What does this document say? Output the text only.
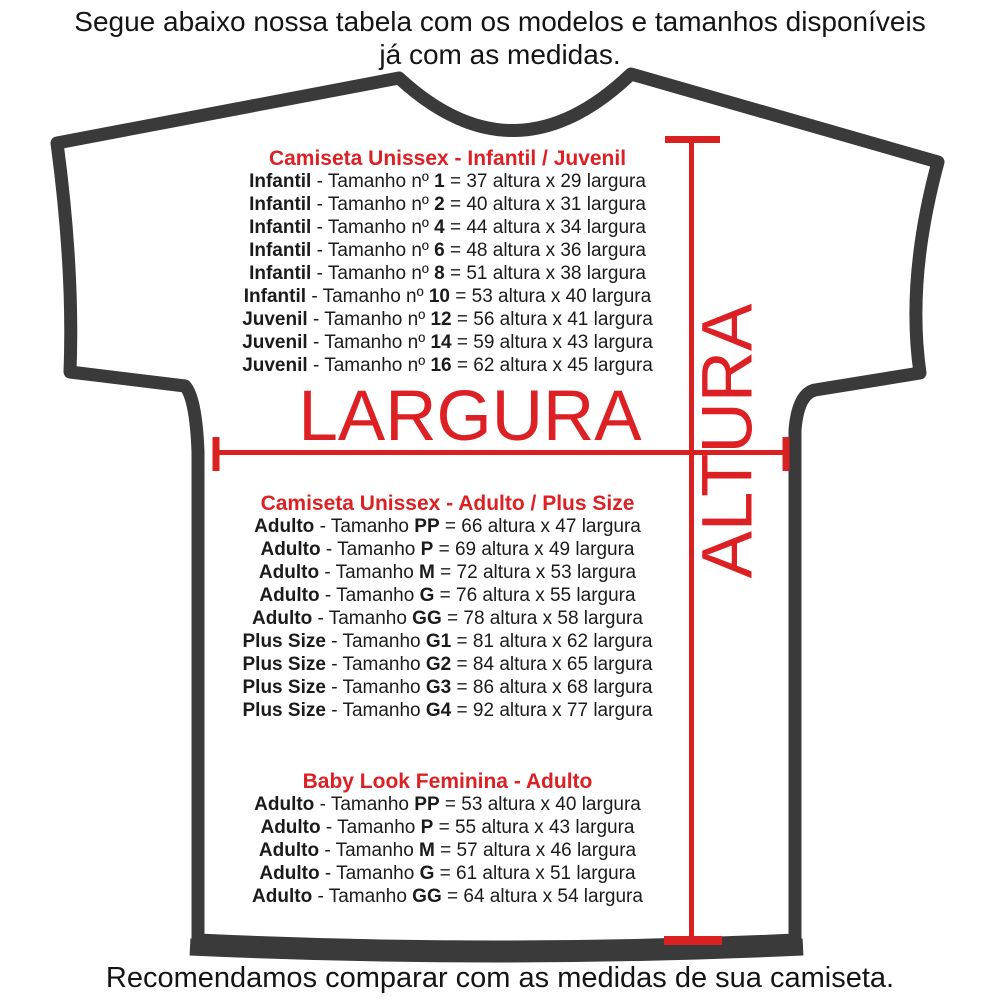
Segue abaixo nossa tabela com os modelos e tamanhos disponíveis
já com as medidas.
Camiseta Unissex - Infantil / Juvenil
Infantil - Tamanho nº 1 = 37 altura x 29 largura
Infantil - Tamanho nº 2 = 40 altura x 31 largura
Infantil - Tamanho nº 4 = 44 altura x 34 largura
Infantil - Tamanho nº 6 = 48 altura x 36 largura
Infantil - Tamanho nº 8 = 51 altura x 38 largura
Infantil - Tamanho nº 10 = 53 altura x 40 largura
Juvenil - Tamanho nº 12 = 56 altura x 41 largura
Juvenil - Tamanho nº 14 = 59 altura x 43 largura
Juvenil - Tamanho nº 16 = 62 altura x 45 largura
LARGURA ALTURA
Camiseta Unissex - Adulto / Plus Size
Adulto - Tamanho PP = 66 altura x 47 largura
Adulto - Tamanho P = 69 altura x 49 largura
Adulto - Tamanho M = 72 altura x 53 largura
Adulto - Tamanho G = 76 altura x 55 largura
Adulto - Tamanho GG = 78 altura x 58 largura
Plus Size - Tamanho G1 = 81 altura x 62 largura
Plus Size - Tamanho G2 = 84 altura x 65 largura
Plus Size - Tamanho G3 = 86 altura x 68 largura
Plus Size - Tamanho G4 = 92 altura x 77 largura
Baby Look Feminina - Adulto
Adulto - Tamanho PP = 53 altura x 40 largura
Adulto - Tamanho P = 55 altura x 43 largura
Adulto - Tamanho M = 57 altura x 46 largura
Adulto - Tamanho G = 61 altura x 51 largura
Adulto - Tamanho GG = 64 altura x 54 largura
Recomendamos comparar com as medidas de sua camiseta.
